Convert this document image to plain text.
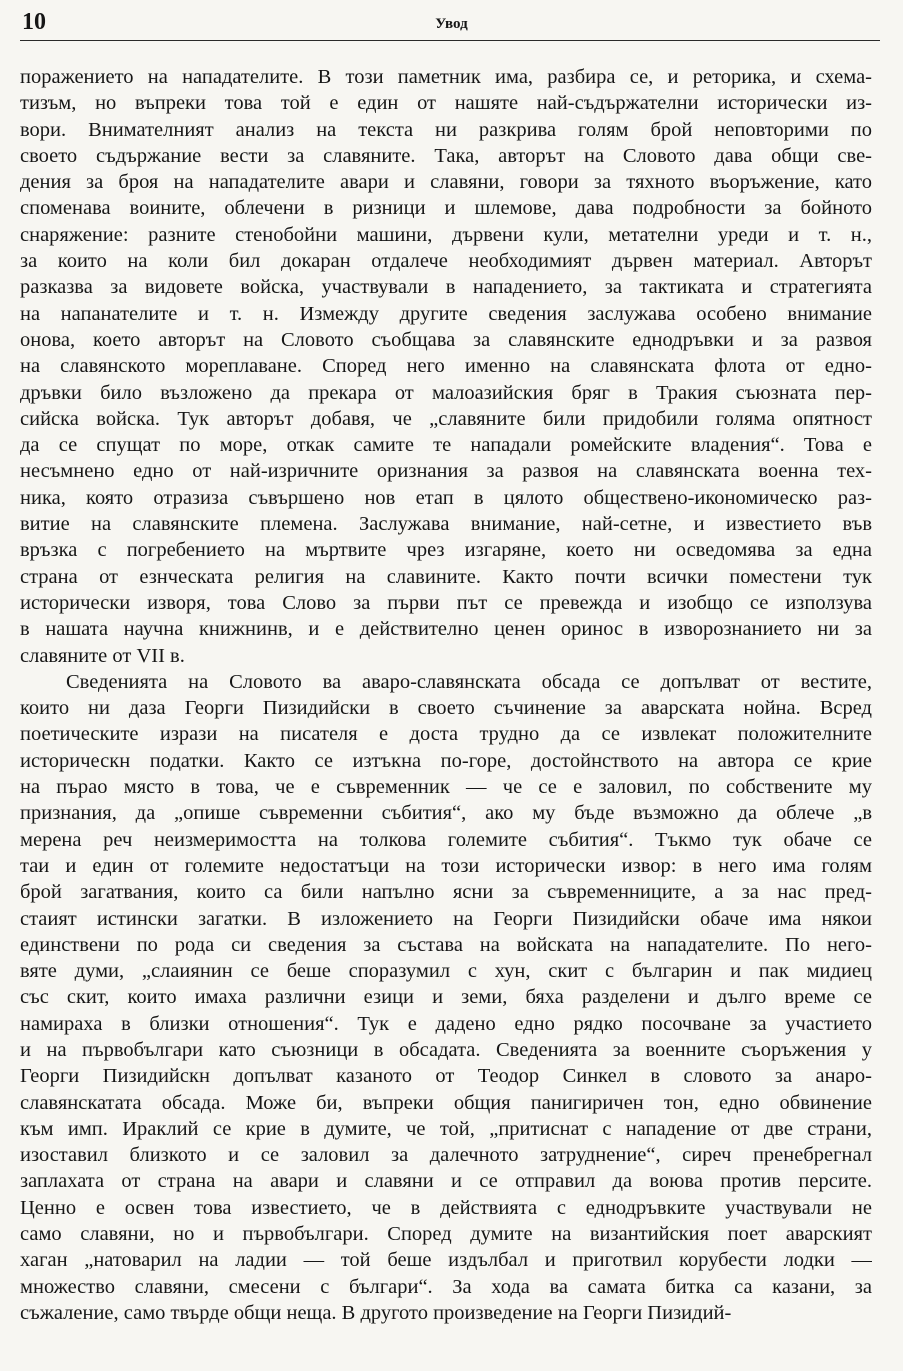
10	Увод
поражението на нападателите. В този паметник има, разбира се, и реторика, и схема-
тизъм, но въпреки това той е един от нашяте най-съдържателни исторически из-
вори. Внимателният анализ на текста ни разкрива голям брой неповторими по
своето съдържание вести за славяните. Така, авторът на Словото дава общи све-
дения за броя на нападателите авари и славяни, говори за тяхното въоръжение, като
споменава воините, облечени в ризници и шлемове, дава подробности за бойното
снаряжение: разните стенобойни машини, дървени кули, метателни уреди и т. н.,
за които на коли бил докаран отдалече необходимият дървен материал. Авторът
разказва за видовете войска, участвували в нападението, за тактиката и стратегията
на напанателите и т. н. Измежду другите сведения заслужава особено внимание
онова, което авторът на Словото съобщава за славянските еднодръвки и за развоя
на славянското мореплаване. Според него именно на славянската флота от едно-
дръвки било възложено да прекара от малоазийския бряг в Тракия съюзната пер-
сийска войска. Тук авторът добавя, че „славяните били придобили голяма опятност
да се спущат по море, откак самите те нападали ромейските владения“. Това е
несъмнено едно от най-изричните оризнания за развоя на славянската военна тех-
ника, която отразиза съвършено нов етап в цялото обществено-икономическо раз-
витие на славянските племена. Заслужава внимание, най-сетне, и известието във
връзка с погребението на мъртвите чрез изгаряне, което ни осведомява за една
страна от езнческата религия на славините. Както почти всички поместени тук
исторически изворя, това Слово за първи път се превежда и изобщо се използува
в нашата научна книжнинв, и е действително ценен оринос в изворознанието ни за
славяните от VII в.
Сведенията на Словото ва аваро-славянската обсада се допълват от вестите,
които ни даза Георги Пизидийски в своето съчинение за аварската нойна. Всред
поетическите изрази на писателя е доста трудно да се извлекат положителните
историческн податки. Както се изтъкна по-горе, достойнството на автора се крие
на пърао място в това, че е съвременник — че се е заловил, по собствените му
признания, да „опише съвременни събития“, ако му бъде възможно да облече „в
мерена реч неизмеримостта на толкова големите събития“. Тъкмо тук обаче се
таи и един от големите недостатъци на този исторически извор: в него има голям
брой загатвания, които са били напълно ясни за съвременниците, а за нас пред-
стаият истински загатки. В изложението на Георги Пизидийски обаче има някои
единствени по рода си сведения за състава на войската на нападателите. По него-
вяте думи, „слаиянин се беше споразумил с хун, скит с българин и пак мидиец
със скит, които имаха различни езици и земи, бяха разделени и дълго време се
намираха в близки отношения“. Тук е дадено едно рядко посочване за участието
и на първобългари като съюзници в обсадата. Сведенията за военните съоръжения у
Георги Пизидийскн допълват казаното от Теодор Синкел в словото за анаро-
славянскатата обсада. Може би, въпреки общия панигиричен тон, едно обвинение
към имп. Ираклий се крие в думите, че той, „притиснат с нападение от две страни,
изоставил близкото и се заловил за далечното затруднение“, сиреч пренебрегнал
заплахата от страна на авари и славяни и се отправил да воюва против персите.
Ценно е освен това известието, че в действията с еднодръвките участвували не
само славяни, но и първобългари. Според думите на византийския поет аварският
хаган „натоварил на ладии — той беше издълбал и приготвил корубести лодки —
множество славяни, смесени с българи“. За хода ва самата битка са казани, за
съжаление, само твърде общи неща. В другото произведение на Георги Пизидий-
